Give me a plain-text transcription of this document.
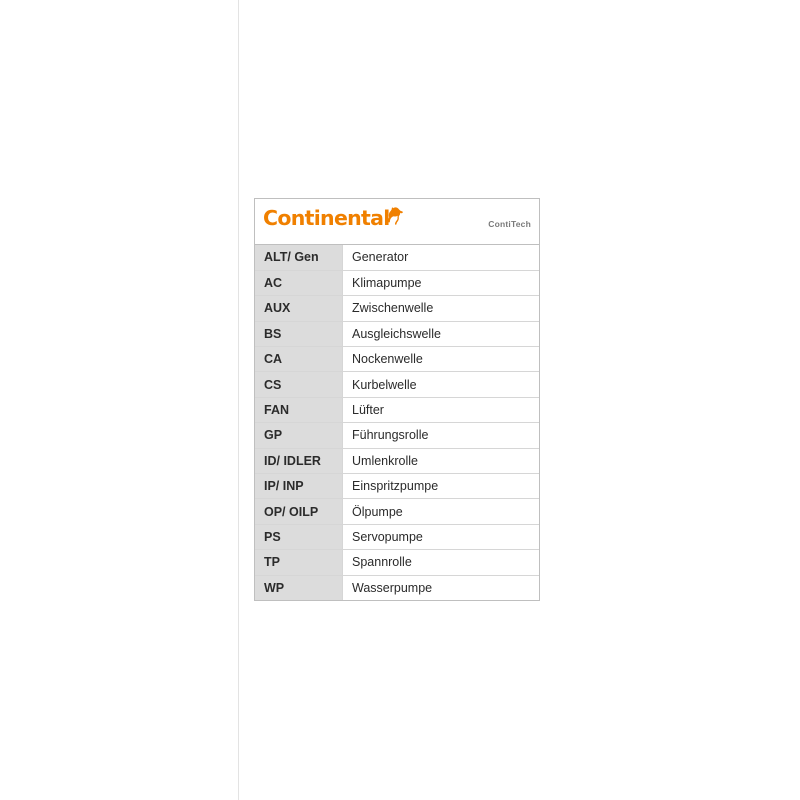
Continental	ContiTech
ALT/ Gen	Generator
AC	Klimapumpe
AUX	Zwischenwelle
BS	Ausgleichswelle
CA	Nockenwelle
CS	Kurbelwelle
FAN	Lüfter
GP	Führungsrolle
ID/ IDLER	Umlenkrolle
IP/ INP	Einspritzpumpe
OP/ OILP	Ölpumpe
PS	Servopumpe
TP	Spannrolle
WP	Wasserpumpe
